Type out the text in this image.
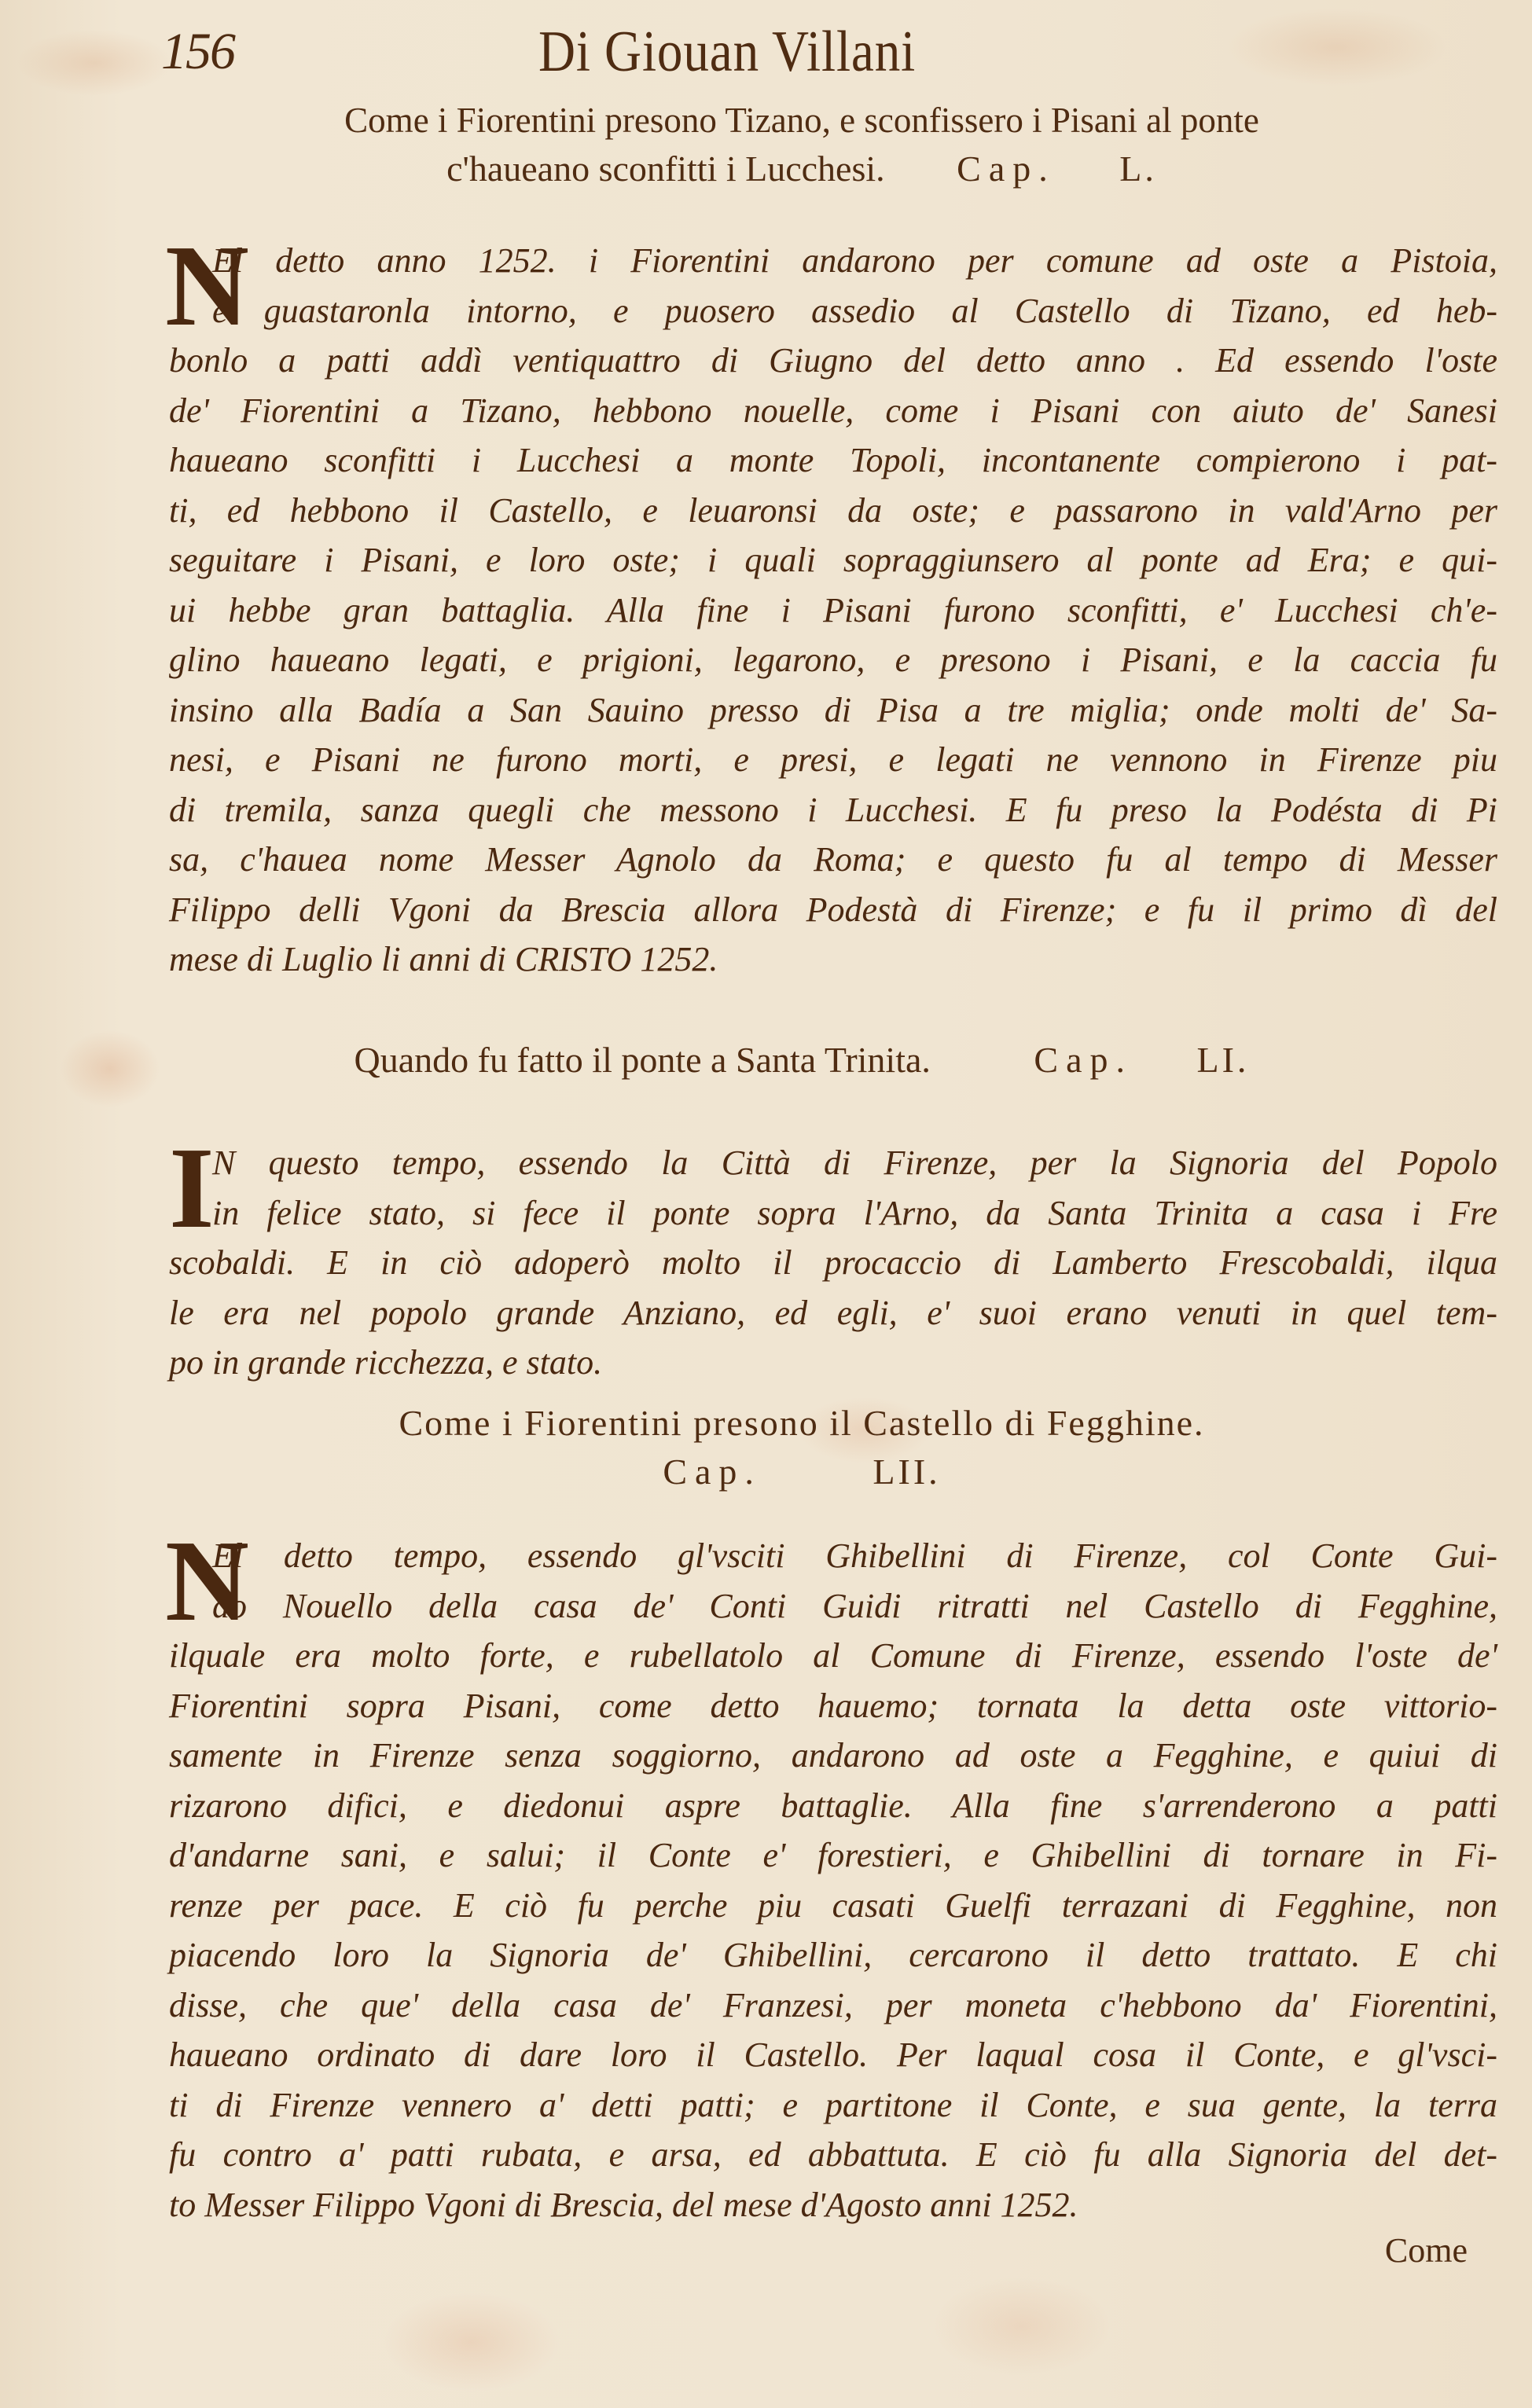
156	Di Giouan Villani
Come i Fiorentini presono Tizano, e sconfissero i Pisani al ponte
c'haueano sconfitti i Lucchesi. Cap. L.
N
El detto anno 1252. i Fiorentini andarono per comune ad oste a Pistoia,
e guastaronla intorno, e puosero assedio al Castello di Tizano, ed heb-
bonlo a patti addì ventiquattro di Giugno del detto anno . Ed essendo l'oste
de' Fiorentini a Tizano, hebbono nouelle, come i Pisani con aiuto de' Sanesi
haueano sconfitti i Lucchesi a monte Topoli, incontanente compierono i pat-
ti, ed hebbono il Castello, e leuaronsi da oste; e passarono in vald'Arno per
seguitare i Pisani, e loro oste; i quali sopraggiunsero al ponte ad Era; e qui-
ui hebbe gran battaglia. Alla fine i Pisani furono sconfitti, e' Lucchesi ch'e-
glino haueano legati, e prigioni, legarono, e presono i Pisani, e la caccia fu
insino alla Badía a San Sauino presso di Pisa a tre miglia; onde molti de' Sa-
nesi, e Pisani ne furono morti, e presi, e legati ne vennono in Firenze piu
di tremila, sanza quegli che messono i Lucchesi. E fu preso la Podésta di Pi
sa, c'hauea nome Messer Agnolo da Roma; e questo fu al tempo di Messer
Filippo delli Vgoni da Brescia allora Podestà di Firenze; e fu il primo dì del
mese di Luglio li anni di CRISTO 1252.
Quando fu fatto il ponte a Santa Trinita.	Cap. LI.
I
N questo tempo, essendo la Città di Firenze, per la Signoria del Popolo
in felice stato, si fece il ponte sopra l'Arno, da Santa Trinita a casa i Fre
scobaldi. E in ciò adoperò molto il procaccio di Lamberto Frescobaldi, ilqua
le era nel popolo grande Anziano, ed egli, e' suoi erano venuti in quel tem-
po in grande ricchezza, e stato.
Come i Fiorentini presono il Castello di Fegghine.
Cap.	LII.
N
El detto tempo, essendo gl'vsciti Ghibellini di Firenze, col Conte Gui-
do Nouello della casa de' Conti Guidi ritratti nel Castello di Fegghine,
ilquale era molto forte, e rubellatolo al Comune di Firenze, essendo l'oste de'
Fiorentini sopra Pisani, come detto hauemo; tornata la detta oste vittorio-
samente in Firenze senza soggiorno, andarono ad oste a Fegghine, e quiui di
rizarono difici, e diedonui aspre battaglie. Alla fine s'arrenderono a patti
d'andarne sani, e salui; il Conte e' forestieri, e Ghibellini di tornare in Fi-
renze per pace. E ciò fu perche piu casati Guelfi terrazani di Fegghine, non
piacendo loro la Signoria de' Ghibellini, cercarono il detto trattato. E chi
disse, che que' della casa de' Franzesi, per moneta c'hebbono da' Fiorentini,
haueano ordinato di dare loro il Castello. Per laqual cosa il Conte, e gl'vsci-
ti di Firenze vennero a' detti patti; e partitone il Conte, e sua gente, la terra
fu contro a' patti rubata, e arsa, ed abbattuta. E ciò fu alla Signoria del det-
to Messer Filippo Vgoni di Brescia, del mese d'Agosto anni 1252.
Come
